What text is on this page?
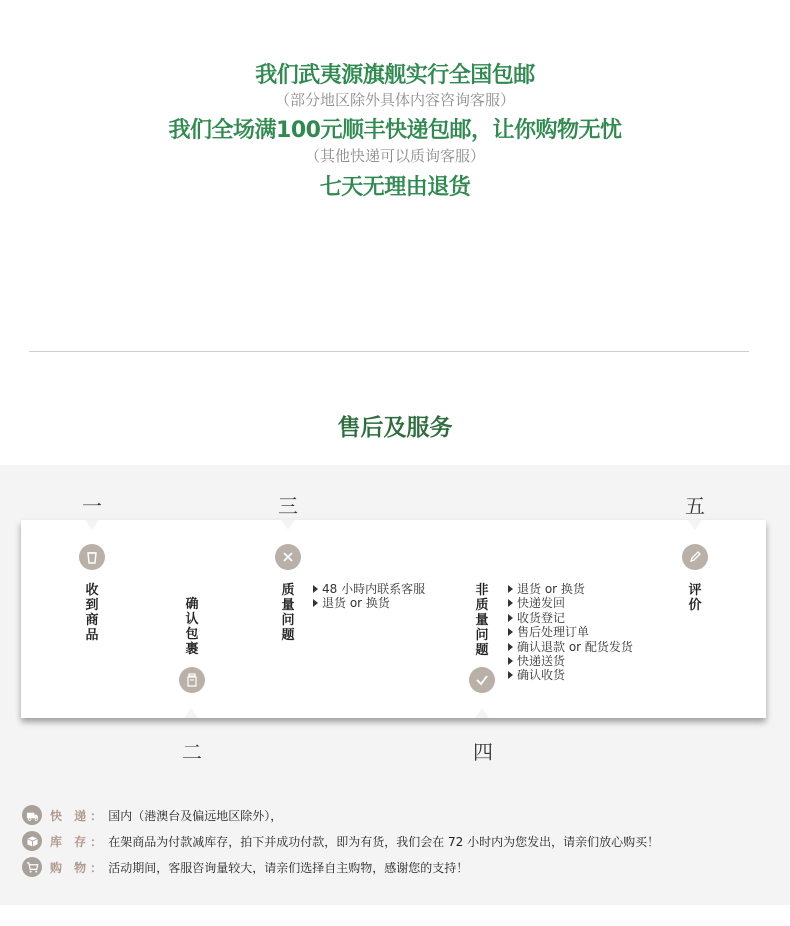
我们武夷源旗舰实行全国包邮
（部分地区除外具体内容咨询客服）
我们全场满100元顺丰快递包邮，让你购物无忧
（其他快递可以质询客服）
七天无理由退货
售后及服务
一	三	五
二	四
收到商品
确认包裹
质量问题
48 小時内联系客服
退货 or 换货
非质量问题
退货 or 换货
快递发回
收货登记
售后处理订单
确认退款 or 配货发货
快递送货
确认收货
评价
快 递： 国内（港澳台及偏远地区除外），
库 存： 在架商品为付款减库存，拍下并成功付款，即为有货，我们会在 72 小时内为您发出，请亲们放心购买！
购 物： 活动期间，客服咨询量较大，请亲们选择自主购物，感谢您的支持！
